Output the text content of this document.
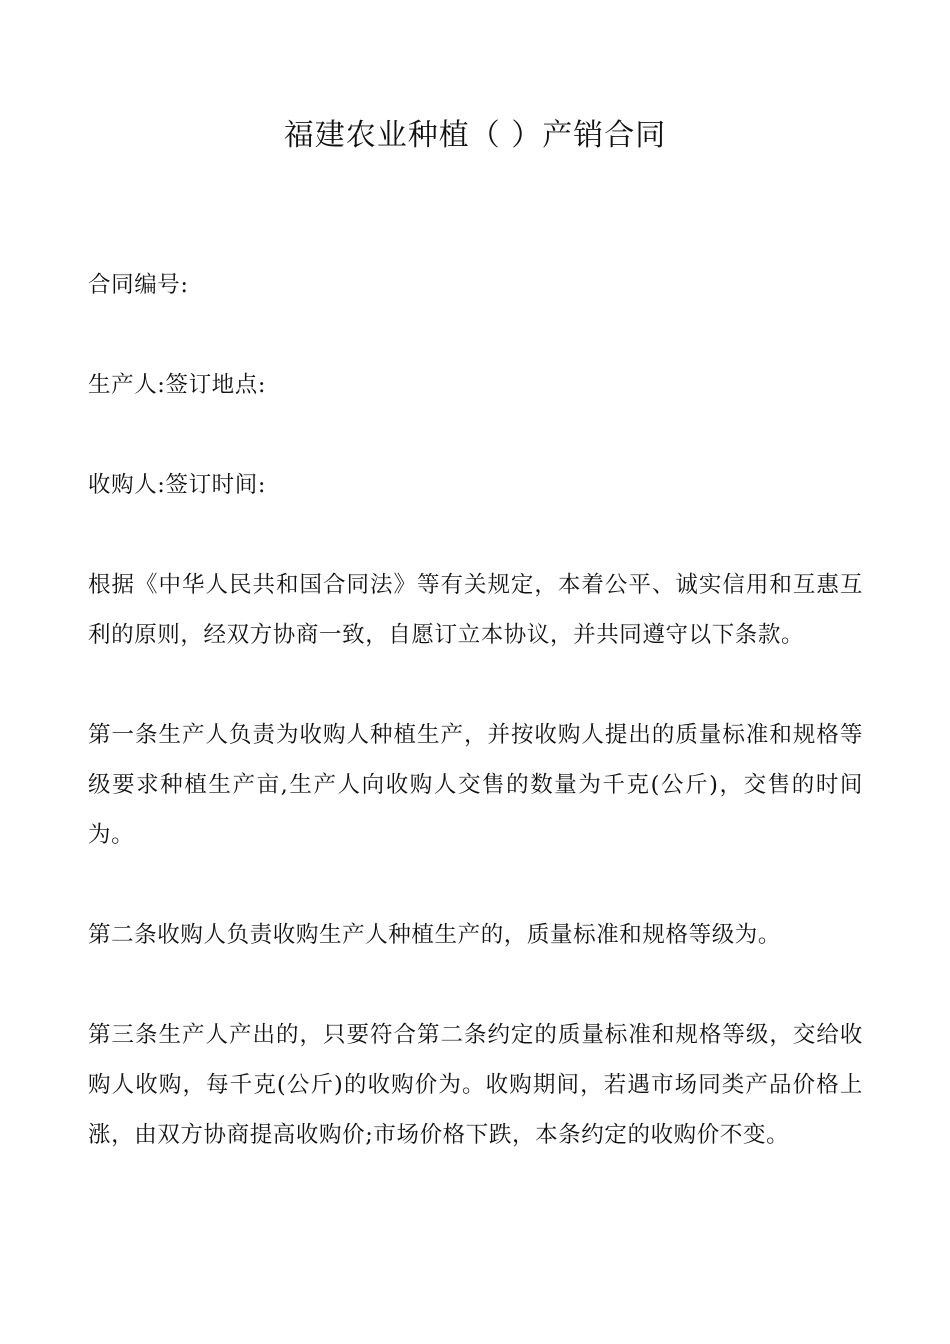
福建农业种植（ ）产销合同

合同编号:

生产人:签订地点:

收购人:签订时间:

根据《中华人民共和国合同法》等有关规定，本着公平、诚实信用和互惠互利的原则，经双方协商一致，自愿订立本协议，并共同遵守以下条款。

第一条生产人负责为收购人种植生产，并按收购人提出的质量标准和规格等级要求种植生产亩,生产人向收购人交售的数量为千克(公斤)，交售的时间为。

第二条收购人负责收购生产人种植生产的，质量标准和规格等级为。

第三条生产人产出的，只要符合第二条约定的质量标准和规格等级，交给收购人收购，每千克(公斤)的收购价为。收购期间，若遇市场同类产品价格上涨，由双方协商提高收购价;市场价格下跌，本条约定的收购价不变。
